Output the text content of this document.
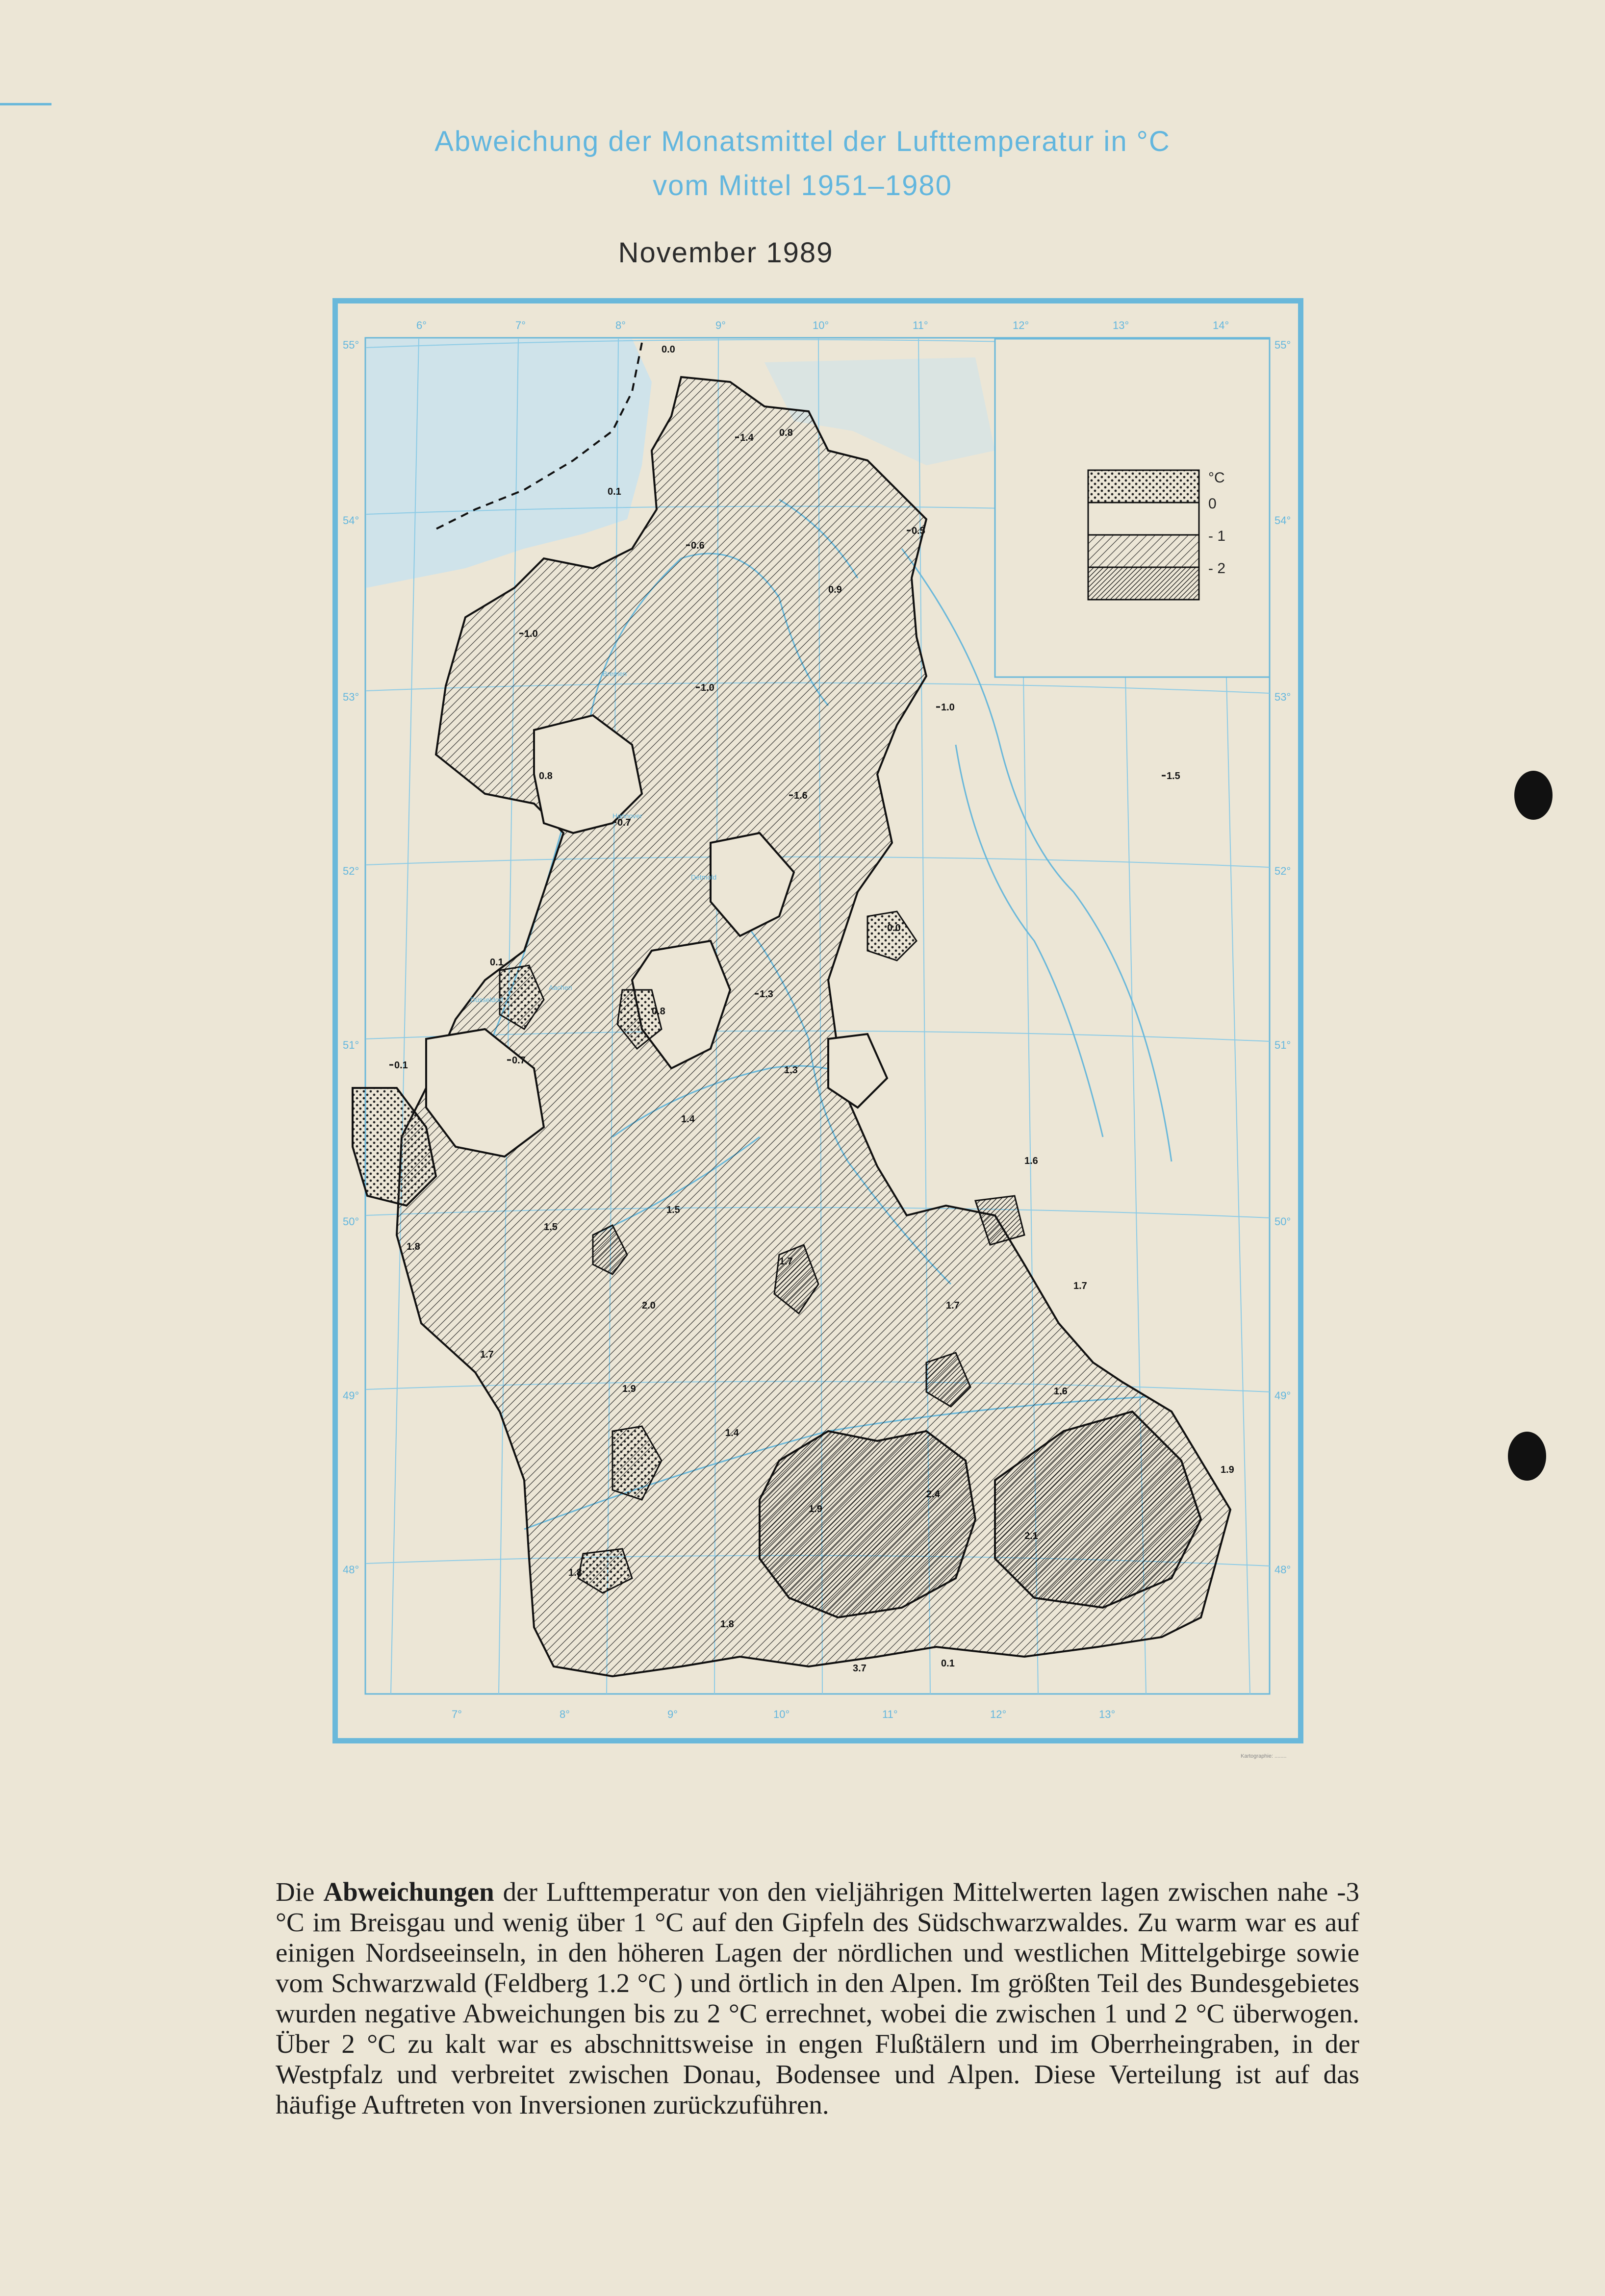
Abweichung der Monatsmittel der Lufttemperatur in °C
vom Mittel 1951–1980
November 1989
°C
0
- 1
- 2
55°	55°
54°	54°
53°	53°
52°	52°
51°	51°
50°	50°
49°	49°
48°	48°
6°	7°	8°	9°	10°	11°	12°	13°	14°
7°	8°	9°	10°	11°	12°	13°
Düsseldorf
Aachen
Hannover
Detmold
Bremen
0.0
1.4	0.8
0.1
0.6
0.5
0.9
1.0
1.0
1.0
1.5
0.8
0.7
1.6
0.0
0.1
0.8
1.3
0.1	0.7
1.3
1.4
1.6
1.5
1.5
1.7
1.8
2.0	1.7
1.7
1.7
1.9	1.6
1.4
1.9
2.4
1.9
2.1
1.8
1.8
3.7	0.1
Kartographie: ........
Die Abweichungen der Lufttemperatur von den vieljährigen Mittelwerten lagen zwischen nahe -3 °C im Breisgau und wenig über 1 °C auf den Gipfeln des Südschwarzwaldes. Zu warm war es auf einigen Nordseeinseln, in den höheren Lagen der nördlichen und westlichen Mittelgebirge sowie vom Schwarzwald (Feldberg 1.2 °C ) und örtlich in den Alpen. Im größten Teil des Bundesgebietes wurden negative Abweichungen bis zu 2 °C errechnet, wobei die zwischen 1 und 2 °C überwogen. Über 2 °C zu kalt war es abschnittsweise in engen Flußtälern und im Oberrheingraben, in der Westpfalz und verbreitet zwischen Donau, Bodensee und Alpen. Diese Verteilung ist auf das häufige Auftreten von Inversionen zurückzuführen.
